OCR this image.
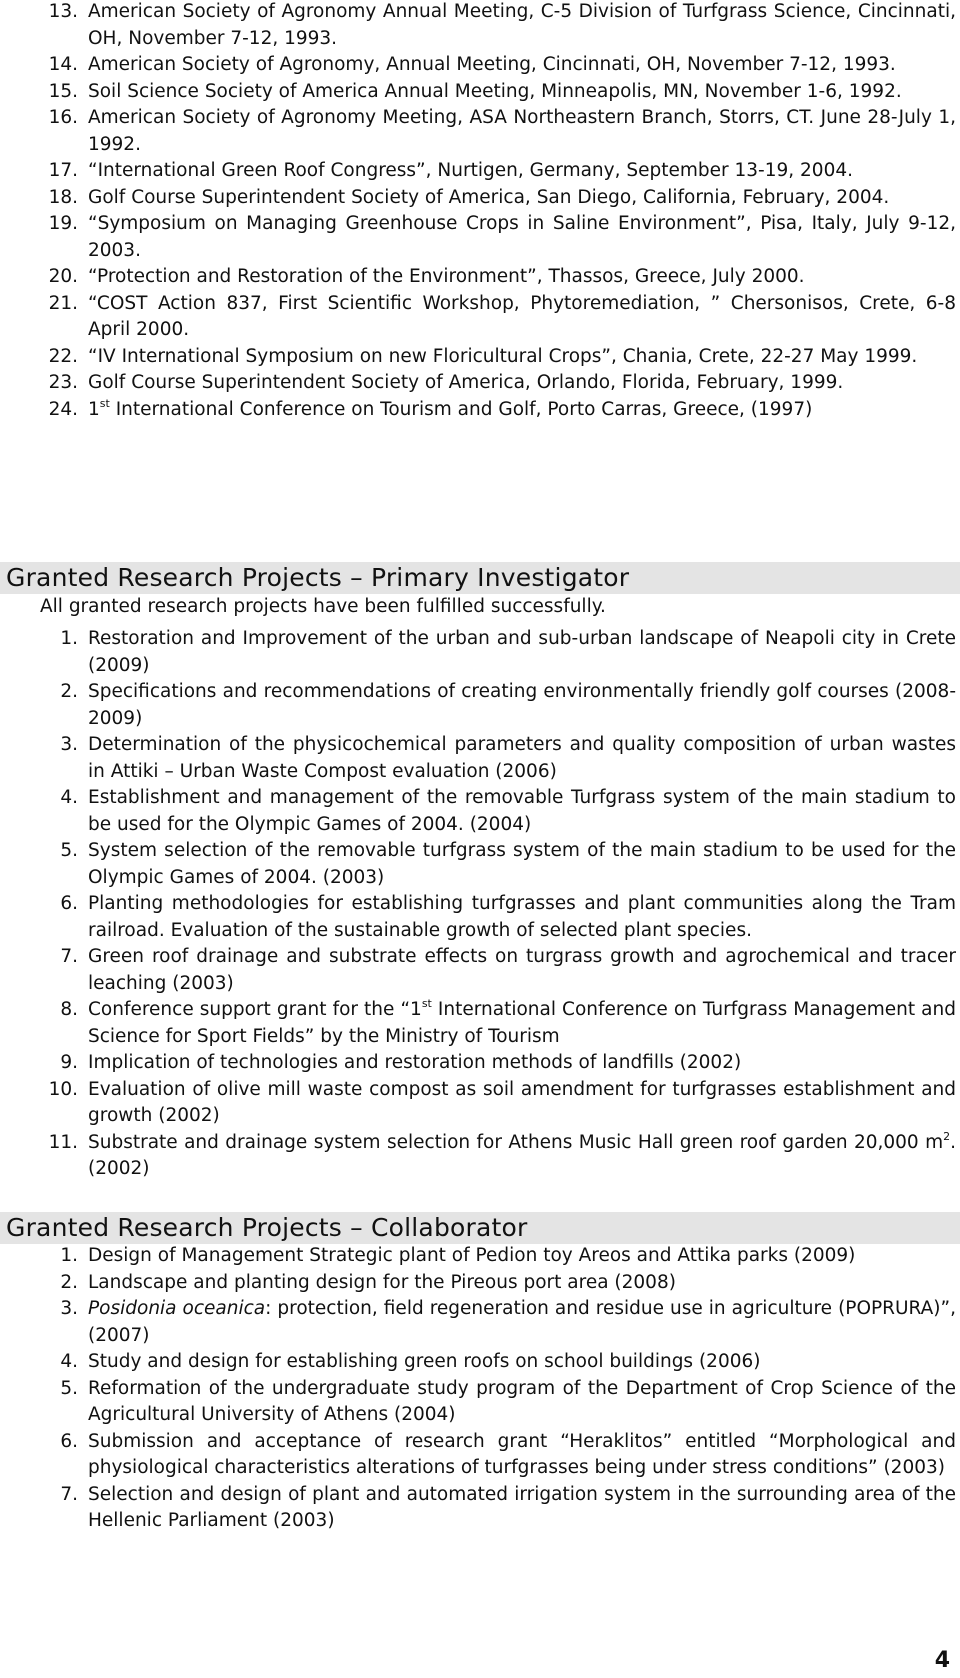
13. American Society of Agronomy Annual Meeting, C-5 Division of Turfgrass Science, Cincinnati, OH, November 7-12, 1993.
14. American Society of Agronomy, Annual Meeting, Cincinnati, OH, November 7-12, 1993.
15. Soil Science Society of America Annual Meeting, Minneapolis, MN, November 1-6, 1992.
16. American Society of Agronomy Meeting, ASA Northeastern Branch, Storrs, CT. June 28-July 1, 1992.
17. “International Green Roof Congress”, Nurtigen, Germany, September 13-19, 2004.
18. Golf Course Superintendent Society of America, San Diego, California, February, 2004.
19. “Symposium on Managing Greenhouse Crops in Saline Environment”, Pisa, Italy, July 9-12, 2003.
20. “Protection and Restoration of the Environment”, Thassos, Greece, July 2000.
21. “COST Action 837, First Scientific Workshop, Phytoremediation, ” Chersonisos, Crete, 6-8 April 2000.
22. “IV International Symposium on new Floricultural Crops”, Chania, Crete, 22-27 May 1999.
23. Golf Course Superintendent Society of America, Orlando, Florida, February, 1999.
24. 1st International Conference on Tourism and Golf, Porto Carras, Greece, (1997)
Granted Research Projects – Primary Investigator
All granted research projects have been fulfilled successfully.
1. Restoration and Improvement of the urban and sub-urban landscape of Neapoli city in Crete (2009)
2. Specifications and recommendations of creating environmentally friendly golf courses (2008-2009)
3. Determination of the physicochemical parameters and quality composition of urban wastes in Attiki – Urban Waste Compost evaluation (2006)
4. Establishment and management of the removable Turfgrass system of the main stadium to be used for the Olympic Games of 2004. (2004)
5. System selection of the removable turfgrass system of the main stadium to be used for the Olympic Games of 2004. (2003)
6. Planting methodologies for establishing turfgrasses and plant communities along the Tram railroad. Evaluation of the sustainable growth of selected plant species.
7. Green roof drainage and substrate effects on turgrass growth and agrochemical and tracer leaching (2003)
8. Conference support grant for the “1st International Conference on Turfgrass Management and Science for Sport Fields” by the Ministry of Tourism
9. Implication of technologies and restoration methods of landfills (2002)
10. Evaluation of olive mill waste compost as soil amendment for turfgrasses establishment and growth (2002)
11. Substrate and drainage system selection for Athens Music Hall green roof garden 20,000 $m^2$. (2002)
Granted Research Projects – Collaborator
1. Design of Management Strategic plant of Pedion toy Areos and Attika parks (2009)
2. Landscape and planting design for the Pireous port area (2008)
3. Posidonia oceanica: protection, field regeneration and residue use in agriculture (POPRURA)”, (2007)
4. Study and design for establishing green roofs on school buildings (2006)
5. Reformation of the undergraduate study program of the Department of Crop Science of the Agricultural University of Athens (2004)
6. Submission and acceptance of research grant “Heraklitos” entitled “Morphological and physiological characteristics alterations of turfgrasses being under stress conditions” (2003)
7. Selection and design of plant and automated irrigation system in the surrounding area of the Hellenic Parliament (2003)
4
